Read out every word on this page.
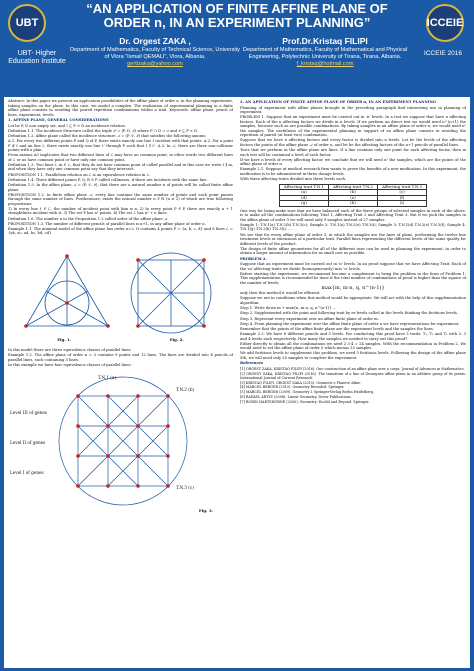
UBT
UBT- Higher Education Institute
“AN APPLICATION OF FINITE AFFINE PLANE OF
ORDER n, IN AN EXPERIMENT PLANNING”
Dr. Orgest ZAKA ,
Department of Mathematics, Faculty of Technical Science, University of Vlora “Ismail QEMALI”, Vlora, Albania.
gertizaka@yahoo.com
Prof.Dr.Kristaq FILIPI
Department of Mathematics, Faculty of Mathematical and Physical Engineering, Polytechnic University of Tirana, Tirana, Albania.
f_kristaq@hotmail.com
ICCEIE
ICCEIE 2016
Abstract: In this paper we present an application possibilities of the affine plane of order n, in the planning experiment, taking samples on the plane. In this case, we model a complex. The realization of experimental planning in a finite affine plane consists in avoiding the paired repetition combinations within a trial. Keywords: affine plane, pencil of lines, experiment, levels.
1. AFFINE PLANE, GENERAL CONSIDERATIONS
Let be P, D non empty set, and ℐ ⊆ P × D an incidence relation.
Definition 1.1. The incidence Structure called the triple 𝒮 = (P, D, ℐ) where P ∩ D = ∅ and ℐ ⊆ P × D.
Definition 1.2. Affine plane called the incidence structure 𝒜 = (P, ℒ, ℐ) that satisfies the following axioms:
A.1. For every two different points P and Q of P, there exists exactly one line ℓ incident with that points. A.2. For a point P ∉ ℓ and an line ℓ, there exists exactly one line ℓ' through P such that ℓ ∥ ℓ'. A.3. In 𝒜, there are three non-collinear points with a plan.
From axioms A3 implicates that two different lines of ℒ may have an common point, in other words two different lines of ℒ or no have common point or have only one common point.
Definition 1.3. Two lines ℓ, m ∈ ℒ, that they do not have common point of called parallel and in this case we write ℓ ∥ m, and when they have only one common point say that they intersect.
PROPOSITION 1.1. Parallelism relation on ℒ is an equivalence relation in ℒ.
Definition 1.4. Three different points P, Q, R ∈ P called collinears, if there are incidents with the same line.
Definition 1.5. In the affine plane 𝒜 = (P, ℒ, ℐ), that there are a natural number n of points will be called finite affine plane.
PROPOSITION 1.2. In finite affine plane 𝒜, every line contains the same number of points and each point passes through the same number of lines. Furthermore, exists the natural number n ∈ ℕ (n ≥ 2) of which are true following propositions:
1) In every line ℓ ∈ ℒ, the number of incident point with him is n. 2) In every point P ∈ P, there are exactly n + 1 straightlines incident with it. 3) The set P has n² points. 4) The set ℒ has n² + n lines.
Definition 1.6. The number n in the Proposition 1.2 called order of the affine plane 𝒜.
PROPOSITION 1.3. The number of different pencils of parallel lines is n+1, in any affine plane of order n.
Example 1.1. The minimal model of the affine plane has order n=2. It contains 4 points P = {a, b, c, d} and 6 lines ℒ = {ab, ac, ad, bc, bd, cd}.
Fig. 1.	Fig. 2.
In this model there are three equivalence classes of parallel lines:
Example 1.2. The affine plane of order n = 3 contains 9 points and 12 lines. The lines are divided into 4 pencils of parallel lines, each containing 3 lines.
In this example we have four equivalence classes of parallel lines:
Level III of genes
Level II of genes
Level I of genes
T.N.1 (a)
T.N.2 (b)
T.N.3 (c)
Fig. 3.
2. AN APPLICATION OF FINITE AFFINE PLANE OF ORDER n, IN AN EXPERIMENT PLANNING
Planning of experiment with affine planes brought in the preceding paragraph find interesting use in planning of experiment.
PROBLEM 1. Suppose that an experiment must be carried out in 'n' levels. In a test we suppose that have n affecting factors. Each of the n affecting factors we divide in n levels. If we perform an direct test we would need n^(n+1) the samples, because such as are possible combinations. By taking samples in an affine plane of order n, we would need n² the samples. The usefulness of the experimental planning in support of an affine plane consists in avoiding the repetition of paired (at least two) combination.
Suppose that we have n affecting factors and every factor is divided into n levels. Let be the levels of the affecting factors the points of the affine plane 𝒜 of order n, and let be the affecting factors of the n+1 pencils of parallel lines.
Tests that we perform in the affine plane are lines. If a line contains only one point for each affecting factor, then in each test will be contained a level of each factor.
If we have n levels of every affecting factor, we conclude that we will need n² the samples, which are the points of the affine plane of order n.
Example 2.1. Suppose at medical research firm wants to prove the benefits of a new medication. In this experiment, the medication is to be administered in three dosage levels.
With three affecting traits divided into three levels each.
Affecting trait T.N.1	Affecting trait T.N.2	Affecting trait T.N.3
(a)	(b)	(c)
(d)	(e)	(f)
(g)	(h)	(i)
One way for being make sure that we have balanced each of the three groups of selected samples in each of the above, is to make all the combinations following Trial 1, Affecting Trait 2 and Affecting Trait 3. But if we pick the samples in the affine plane of order 3 we will need only 9 samples instead of 27 samples.
Sample 1: T.N.1(a) T.N.2(b) T.N.3(c); Sample 2: T.N.1(a) T.N.2(e) T.N.3(i); Sample 3: T.N.1(d) T.N.2(e) T.N.3(f); Sample 4: T.N.1(g) T.N.2(h) T.N.3(i); ...
We see that for every affine plane of order 3, in which the samples are the lines of plane, performing the twelve line treatment levels or extensions of a particular trait. Parallel lines representing the different levels of the same quality for different levels of the product.
The design of finite affine geometries for all of the different uses can be used in planning the experiment, in order to obtain a larger amount of information for as small cost as possible.
PROBLEM 2.
Suppose that an experiment must be carried out in 'n' levels. In an proof suppose that we have Affecting Trait. Each of the 'm' affecting traits we divide (homogeneously) into 'n' levels.
Before starting the experiment, we recommend become a complement to bring the problem in the form of Problem 1. This supplementation is recommended be done if the total number of combinations of proof is higher than the square of the number of levels.
max{m, m·n, q, n^(n-1)}
only then this method it would be efficient.
Suppose we are in conditions when this method would be appropriate. We will act with the help of this supplementation algorithm:
Step 1. Write down m + max{n, m·n, q, n^(n-1)} ...
Step 2. Supplemented with the point and following trait by re-levels called in the levels thinking the fictitious levels.
Step 3. Represent every experiment over an affine finite plane of order m.
Step 4. From planning the experiment over the affine finite plane of order n we have representations for experiment.
Remember that the points of the affine finite plane are the experiment levels and the samples the lines.
Example 2.2. We have 6 different pencils and 5 levels. For conducting this proof have 3 traits: T₁, T₂ and T₃ with 2, 3 and 4 levels each respectively. How many the samples we needed to carry out this proof?
Either directly to obtain all the combinations we need 2·3·4 = 24 samples. With the recommendation in Problem 2, We would need to set the affine plane of order 5 which means 25 samples.
We add fictitious levels to supplement this problem, we need 5 fictitious levels. Following the design of the affine plane 5th, we will need only 25 samples to complete the experiment.
References
[1] ORGEST ZAKA, KRISTAQ FILIPI (2016). One construction of an affine plane over a corps. Journal of Advances in Mathematics.
[2] ORGEST ZAKA, KRISTAQ FILIPI (2016). The transform of a line of Desargues affine plane in an additive group of its points. International Journal of Current Research.
[3] KRISTAQ FILIPI, ORGEST ZAKA (2015). Geometri e Planeve Afine.
[4] MARCEL BERGER (2010). Geometry Revealed. Springer.
[5] MARCEL BERGER (2009). Geometry I. Springer-Verlag Berlin Heidelberg.
[6] RAFAEL ARTZY (2008). Linear Geometry. Dover Publications.
[7] ROBIN HARTSHORNE (2000). Geometry: Euclid and Beyond. Springer.
